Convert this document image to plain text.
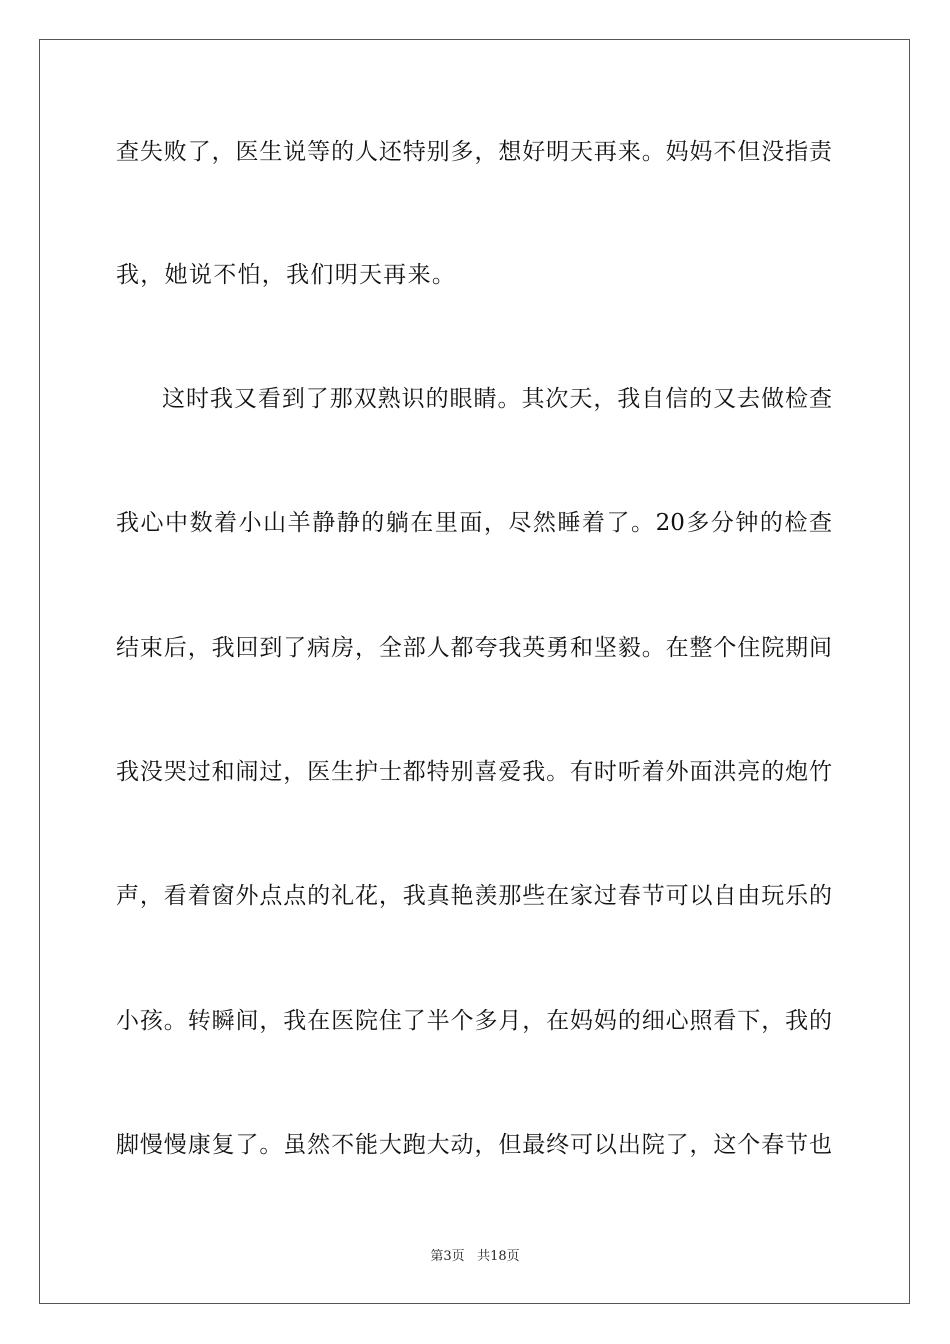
查失败了，医生说等的人还特别多，想好明天再来。妈妈不但没指责
我，她说不怕，我们明天再来。
这时我又看到了那双熟识的眼睛。其次天，我自信的又去做检查
我心中数着小山羊静静的躺在里面，尽然睡着了。20多分钟的检查
结束后，我回到了病房，全部人都夸我英勇和坚毅。在整个住院期间
我没哭过和闹过，医生护士都特别喜爱我。有时听着外面洪亮的炮竹
声，看着窗外点点的礼花，我真艳羡那些在家过春节可以自由玩乐的
小孩。转瞬间，我在医院住了半个多月，在妈妈的细心照看下，我的
脚慢慢康复了。虽然不能大跑大动，但最终可以出院了，这个春节也
第3页 共18页
